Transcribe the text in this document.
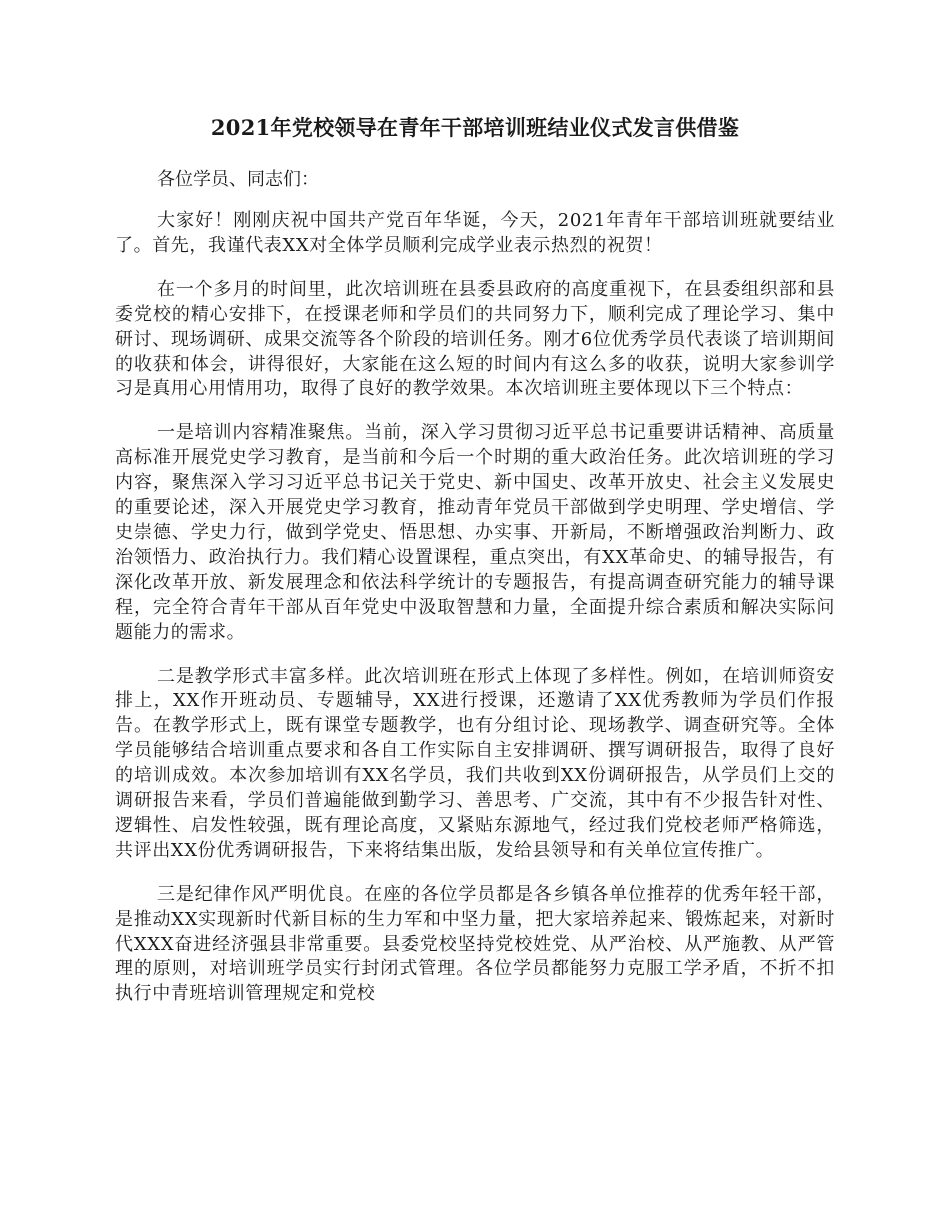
2021年党校领导在青年干部培训班结业仪式发言供借鉴

各位学员、同志们：

大家好！刚刚庆祝中国共产党百年华诞，今天，2021年青年干部培训班就要结业了。首先，我谨代表XX对全体学员顺利完成学业表示热烈的祝贺！

在一个多月的时间里，此次培训班在县委县政府的高度重视下，在县委组织部和县委党校的精心安排下，在授课老师和学员们的共同努力下，顺利完成了理论学习、集中研讨、现场调研、成果交流等各个阶段的培训任务。刚才6位优秀学员代表谈了培训期间的收获和体会，讲得很好，大家能在这么短的时间内有这么多的收获，说明大家参训学习是真用心用情用功，取得了良好的教学效果。本次培训班主要体现以下三个特点：

一是培训内容精准聚焦。当前，深入学习贯彻习近平总书记重要讲话精神、高质量高标准开展党史学习教育，是当前和今后一个时期的重大政治任务。此次培训班的学习内容，聚焦深入学习习近平总书记关于党史、新中国史、改革开放史、社会主义发展史的重要论述，深入开展党史学习教育，推动青年党员干部做到学史明理、学史增信、学史崇德、学史力行，做到学党史、悟思想、办实事、开新局，不断增强政治判断力、政治领悟力、政治执行力。我们精心设置课程，重点突出，有XX革命史、的辅导报告，有深化改革开放、新发展理念和依法科学统计的专题报告，有提高调查研究能力的辅导课程，完全符合青年干部从百年党史中汲取智慧和力量，全面提升综合素质和解决实际问题能力的需求。

二是教学形式丰富多样。此次培训班在形式上体现了多样性。例如，在培训师资安排上，XX作开班动员、专题辅导，XX进行授课，还邀请了XX优秀教师为学员们作报告。在教学形式上，既有课堂专题教学，也有分组讨论、现场教学、调查研究等。全体学员能够结合培训重点要求和各自工作实际自主安排调研、撰写调研报告，取得了良好的培训成效。本次参加培训有XX名学员，我们共收到XX份调研报告，从学员们上交的调研报告来看，学员们普遍能做到勤学习、善思考、广交流，其中有不少报告针对性、逻辑性、启发性较强，既有理论高度，又紧贴东源地气，经过我们党校老师严格筛选，共评出XX份优秀调研报告，下来将结集出版，发给县领导和有关单位宣传推广。

三是纪律作风严明优良。在座的各位学员都是各乡镇各单位推荐的优秀年轻干部，是推动XX实现新时代新目标的生力军和中坚力量，把大家培养起来、锻炼起来，对新时代XXX奋进经济强县非常重要。县委党校坚持党校姓党、从严治校、从严施教、从严管理的原则，对培训班学员实行封闭式管理。各位学员都能努力克服工学矛盾，不折不扣执行中青班培训管理规定和党校
